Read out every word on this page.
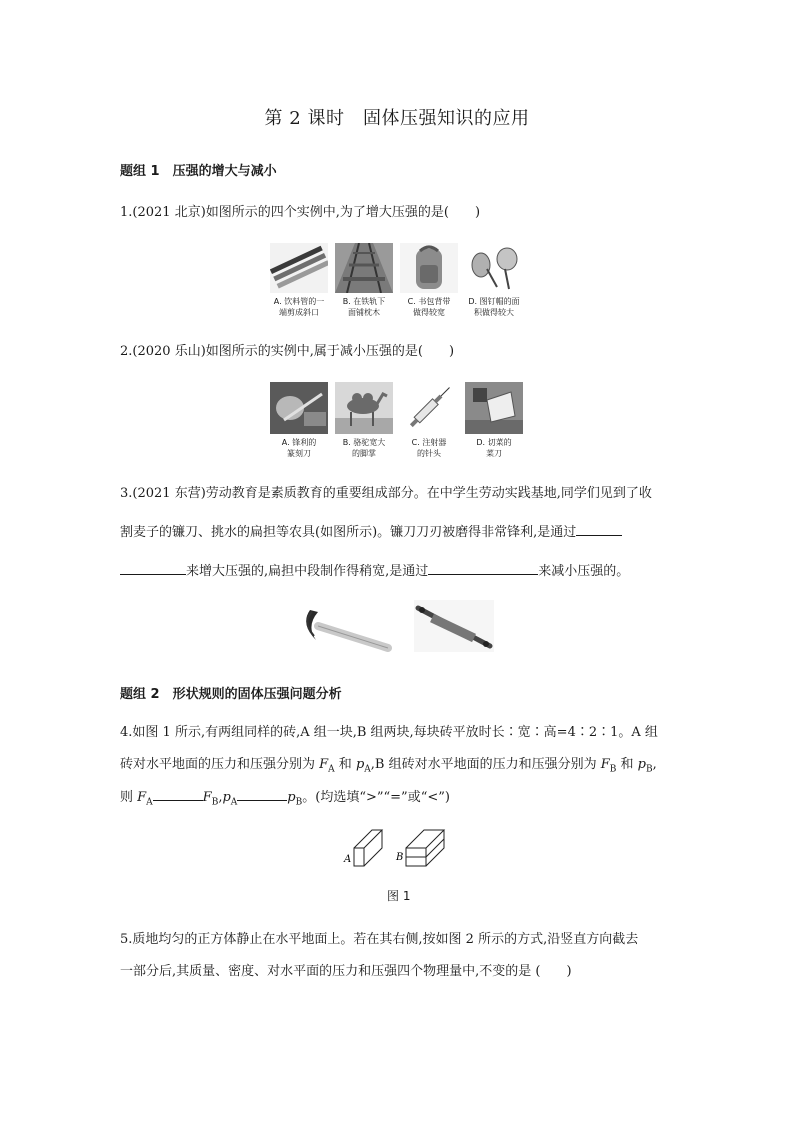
第 2 课时　固体压强知识的应用
题组 1　压强的增大与减小
1.(2021 北京)如图所示的四个实例中,为了增大压强的是(　　)
A. 饮料管的一
端剪成斜口
B. 在铁轨下
面铺枕木
C. 书包背带
做得较宽
D. 图钉帽的面
积做得较大
2.(2020 乐山)如图所示的实例中,属于减小压强的是(　　)
A. 锋利的
篆刻刀
B. 骆驼宽大
的脚掌
C. 注射器
的针头
D. 切菜的
菜刀
3.(2021 东营)劳动教育是素质教育的重要组成部分。在中学生劳动实践基地,同学们见到了收
割麦子的镰刀、挑水的扁担等农具(如图所示)。镰刀刀刃被磨得非常锋利,是通过
来增大压强的,扁担中段制作得稍宽,是通过	来减小压强的。
题组 2　形状规则的固体压强问题分析
4.如图 1 所示,有两组同样的砖,A 组一块,B 组两块,每块砖平放时长∶宽∶高=4∶2∶1。A 组
砖对水平地面的压力和压强分别为 $F_A$ 和 $p_A,B$ 组砖对水平地面的压力和压强分别为 $F_B$ 和 $p_B$,
则 $F_A$	$F_B,p_A$	$p_B$。(均选填“>”“=”或“<”)
A	B
图 1
5.质地均匀的正方体静止在水平地面上。若在其右侧,按如图 2 所示的方式,沿竖直方向截去
一部分后,其质量、密度、对水平面的压力和压强四个物理量中,不变的是 (　　)
